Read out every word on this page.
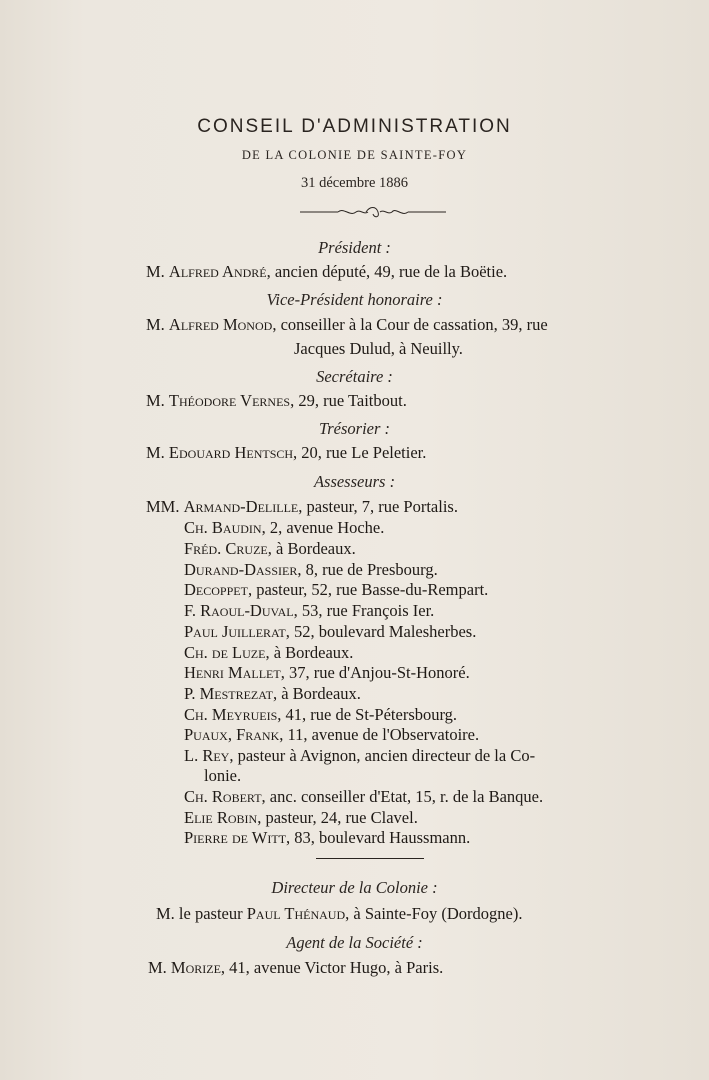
CONSEIL D'ADMINISTRATION
DE LA COLONIE DE SAINTE-FOY
31 décembre 1886
Président :
M. Alfred André, ancien député, 49, rue de la Boëtie.
Vice-Président honoraire :
M. Alfred Monod, conseiller à la Cour de cassation, 39, rue
Jacques Dulud, à Neuilly.
Secrétaire :
M. Théodore Vernes, 29, rue Taitbout.
Trésorier :
M. Edouard Hentsch, 20, rue Le Peletier.
Assesseurs :
MM. Armand-Delille, pasteur, 7, rue Portalis.
Ch. Baudin, 2, avenue Hoche.
Fréd. Cruze, à Bordeaux.
Durand-Dassier, 8, rue de Presbourg.
Decoppet, pasteur, 52, rue Basse-du-Rempart.
F. Raoul-Duval, 53, rue François Ier.
Paul Juillerat, 52, boulevard Malesherbes.
Ch. de Luze, à Bordeaux.
Henri Mallet, 37, rue d'Anjou-St-Honoré.
P. Mestrezat, à Bordeaux.
Ch. Meyrueis, 41, rue de St-Pétersbourg.
Puaux, Frank, 11, avenue de l'Observatoire.
L. Rey, pasteur à Avignon, ancien directeur de la Co-
lonie.
Ch. Robert, anc. conseiller d'Etat, 15, r. de la Banque.
Elie Robin, pasteur, 24, rue Clavel.
Pierre de Witt, 83, boulevard Haussmann.
Directeur de la Colonie :
M. le pasteur Paul Thénaud, à Sainte-Foy (Dordogne).
Agent de la Société :
M. Morize, 41, avenue Victor Hugo, à Paris.
